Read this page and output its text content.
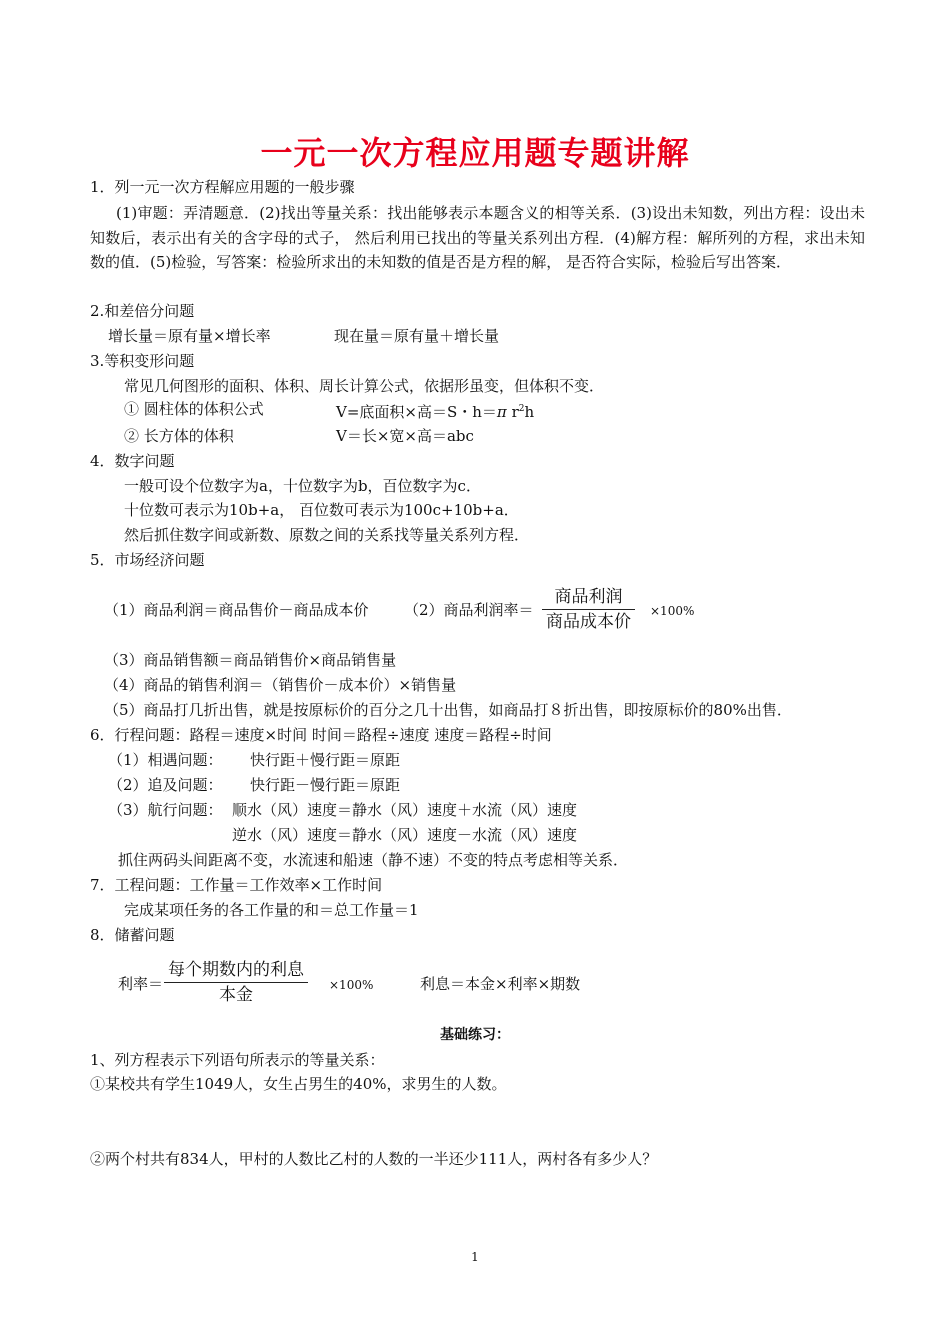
一元一次方程应用题专题讲解
1．列一元一次方程解应用题的一般步骤
(1)审题：弄清题意．(2)找出等量关系：找出能够表示本题含义的相等关系．(3)设出未知数，列出方程：设出未知数后，表示出有关的含字母的式子， 然后利用已找出的等量关系列出方程．(4)解方程：解所列的方程，求出未知数的值．(5)检验，写答案：检验所求出的未知数的值是否是方程的解， 是否符合实际，检验后写出答案．
2.和差倍分问题
增长量＝原有量×增长率	现在量＝原有量＋增长量
3.等积变形问题
常见几何图形的面积、体积、周长计算公式，依据形虽变，但体积不变．
① 圆柱体的体积公式	V=底面积×高＝S・h＝π $r^2h$
② 长方体的体积	V＝长×宽×高＝abc
4．数字问题
一般可设个位数字为a，十位数字为b，百位数字为c．
十位数可表示为10b+a， 百位数可表示为100c+10b+a．
然后抓住数字间或新数、原数之间的关系找等量关系列方程．
5．市场经济问题
（1）商品利润＝商品售价－商品成本价 （2）商品利润率＝
商品利润
商品成本价
×100%
（3）商品销售额＝商品销售价×商品销售量
（4）商品的销售利润＝（销售价－成本价）×销售量
（5）商品打几折出售，就是按原标价的百分之几十出售，如商品打８折出售，即按原标价的80%出售．
6．行程问题：路程＝速度×时间 时间＝路程÷速度 速度＝路程÷时间
（1）相遇问题： 快行距＋慢行距＝原距
（2）追及问题： 快行距－慢行距＝原距
（3）航行问题： 顺水（风）速度＝静水（风）速度＋水流（风）速度
逆水（风）速度＝静水（风）速度－水流（风）速度
抓住两码头间距离不变，水流速和船速（静不速）不变的特点考虑相等关系．
7．工程问题：工作量＝工作效率×工作时间
完成某项任务的各工作量的和＝总工作量＝1
8．储蓄问题
利率＝
每个期数内的利息
本金	×100%	利息＝本金×利率×期数
基础练习：
1、列方程表示下列语句所表示的等量关系：
①某校共有学生1049人，女生占男生的40%，求男生的人数。
②两个村共有834人，甲村的人数比乙村的人数的一半还少111人，两村各有多少人？
1
